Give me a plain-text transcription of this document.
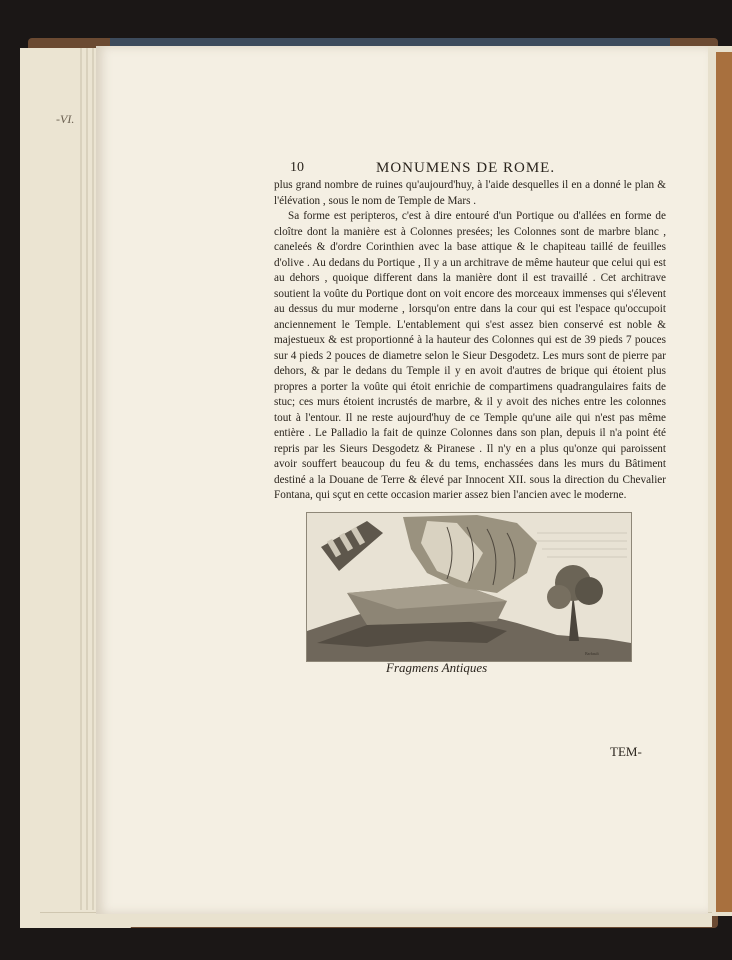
-VI.
10	MONUMENS DE ROME.

plus grand nombre de ruines qu'aujourd'huy, à l'aide desquelles il en a donné le plan & l'élévation , sous le nom de Temple de Mars .

Sa forme est peripteros, c'est à dire entouré d'un Portique ou d'allées en forme de cloître dont la manière est à Colonnes presées; les Colonnes sont de marbre blanc , caneleés & d'ordre Corinthien avec la base attique & le chapiteau taillé de feuilles d'olive . Au dedans du Portique , Il y a un architrave de même hauteur que celui qui est au dehors , quoique different dans la manière dont il est travaillé . Cet architrave soutient la voûte du Portique dont on voit encore des morceaux immenses qui s'élevent au dessus du mur moderne , lorsqu'on entre dans la cour qui est l'espace qu'occupoit anciennement le Temple. L'entablement qui s'est assez bien conservé est noble & majestueux & est proportionné à la hauteur des Colonnes qui est de 39 pieds 7 pouces sur 4 pieds 2 pouces de diametre selon le Sieur Desgodetz. Les murs sont de pierre par dehors, & par le dedans du Temple il y en avoit d'autres de brique qui étoient plus propres a porter la voûte qui étoit enrichie de compartimens quadrangulaires faits de stuc; ces murs étoient incrustés de marbre, & il y avoit des niches entre les colonnes tout à l'entour. Il ne reste aujourd'huy de ce Temple qu'une aile qui n'est pas même entière . Le Palladio la fait de quinze Colonnes dans son plan, depuis il n'a point été repris par les Sieurs Desgodetz & Piranese . Il n'y en a plus qu'onze qui paroissent avoir souffert beaucoup du feu & du tems, enchassées dans les murs du Bâtiment destiné a la Douane de Terre & élevé par Innocent XII. sous la direction du Chevalier Fontana, qui sçut en cette occasion marier assez bien l'ancien avec le moderne.

Barbault
Fragmens Antiques
TEM-
